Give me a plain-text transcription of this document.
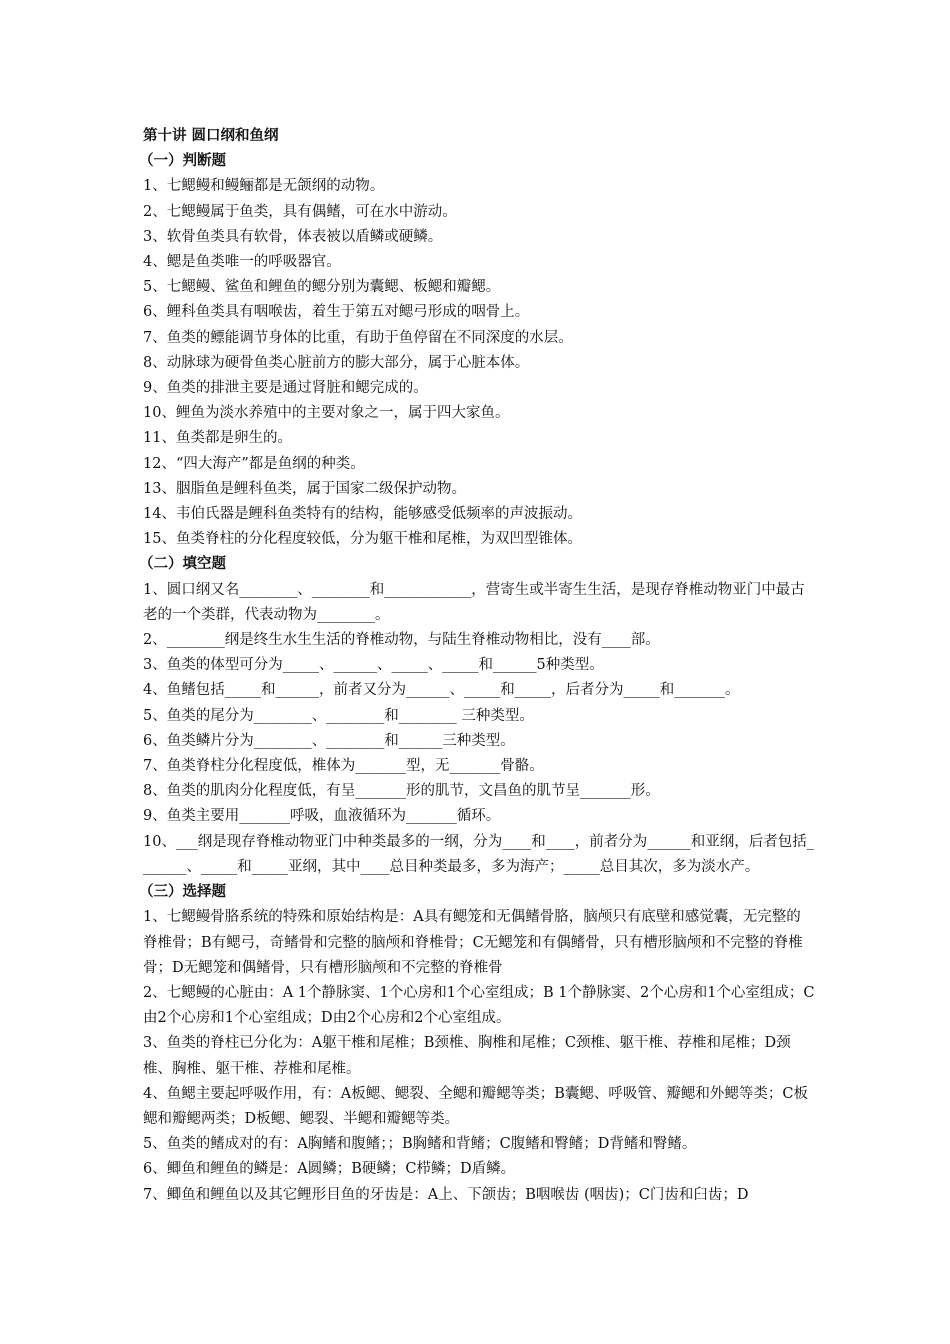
第十讲 圆口纲和鱼纲
（一）判断题
1、七鳃鳗和鳗鲡都是无颌纲的动物。
2、七鳃鳗属于鱼类，具有偶鳍，可在水中游动。
3、软骨鱼类具有软骨，体表被以盾鳞或硬鳞。
4、鳃是鱼类唯一的呼吸器官。
5、七鳃鳗、鲨鱼和鲤鱼的鳃分别为囊鳃、板鳃和瓣鳃。
6、鲤科鱼类具有咽喉齿，着生于第五对鳃弓形成的咽骨上。
7、鱼类的鳔能调节身体的比重，有助于鱼停留在不同深度的水层。
8、动脉球为硬骨鱼类心脏前方的膨大部分，属于心脏本体。
9、鱼类的排泄主要是通过肾脏和鳃完成的。
10、鲤鱼为淡水养殖中的主要对象之一，属于四大家鱼。
11、鱼类都是卵生的。
12、“四大海产”都是鱼纲的种类。
13、胭脂鱼是鲤科鱼类，属于国家二级保护动物。
14、韦伯氏器是鲤科鱼类特有的结构，能够感受低频率的声波振动。
15、鱼类脊柱的分化程度较低，分为躯干椎和尾椎，为双凹型锥体。
（二）填空题
1、圆口纲又名________、________和____________，营寄生或半寄生生活，是现存脊椎动物亚门中最古老的一个类群，代表动物为________。
2、________纲是终生水生生活的脊椎动物，与陆生脊椎动物相比，没有____部。
3、鱼类的体型可分为_____、______、_____、_____和______5种类型。
4、鱼鳍包括_____和______，前者又分为______、_____和_____，后者分为_____和_______。
5、鱼类的尾分为________、________和________ 三种类型。
6、鱼类鳞片分为________、________和______三种类型。
7、鱼类脊柱分化程度低，椎体为_______型，无_______骨骼。
8、鱼类的肌肉分化程度低，有呈_______形的肌节，文昌鱼的肌节呈_______形。
9、鱼类主要用_______呼吸，血液循环为_______循环。
10、___纲是现存脊椎动物亚门中种类最多的一纲，分为____和____，前者分为______和亚纲，后者包括_______、_____和_____亚纲，其中____总目种类最多，多为海产；_____总目其次，多为淡水产。
（三）选择题
1、七鳃鳗骨胳系统的特殊和原始结构是：A具有鳃笼和无偶鳍骨胳，脑颅只有底壁和感觉囊，无完整的脊椎骨；B有鳃弓，奇鳍骨和完整的脑颅和脊椎骨；C无鳃笼和有偶鳍骨，只有槽形脑颅和不完整的脊椎骨；D无鳃笼和偶鳍骨，只有槽形脑颅和不完整的脊椎骨
2、七鳃鳗的心脏由：A 1个静脉窦、1个心房和1个心室组成；B 1个静脉窦、2个心房和1个心室组成；C由2个心房和1个心室组成；D由2个心房和2个心室组成。
3、鱼类的脊柱已分化为：A躯干椎和尾椎；B颈椎、胸椎和尾椎；C颈椎、躯干椎、荐椎和尾椎；D颈椎、胸椎、躯干椎、荐椎和尾椎。
4、鱼鳃主要起呼吸作用，有：A板鳃、鳃裂、全鳃和瓣鳃等类；B囊鳃、呼吸管、瓣鳃和外鳃等类；C板鳃和瓣鳃两类；D板鳃、鳃裂、半鳃和瓣鳃等类。
5、鱼类的鳍成对的有：A胸鳍和腹鳍；；B胸鳍和背鳍；C腹鳍和臀鳍；D背鳍和臀鳍。
6、鲫鱼和鲤鱼的鳞是：A圆鳞；B硬鳞；C栉鳞；D盾鳞。
7、鲫鱼和鲤鱼以及其它鲤形目鱼的牙齿是：A上、下颌齿；B咽喉齿 (咽齿)；C门齿和臼齿；D
